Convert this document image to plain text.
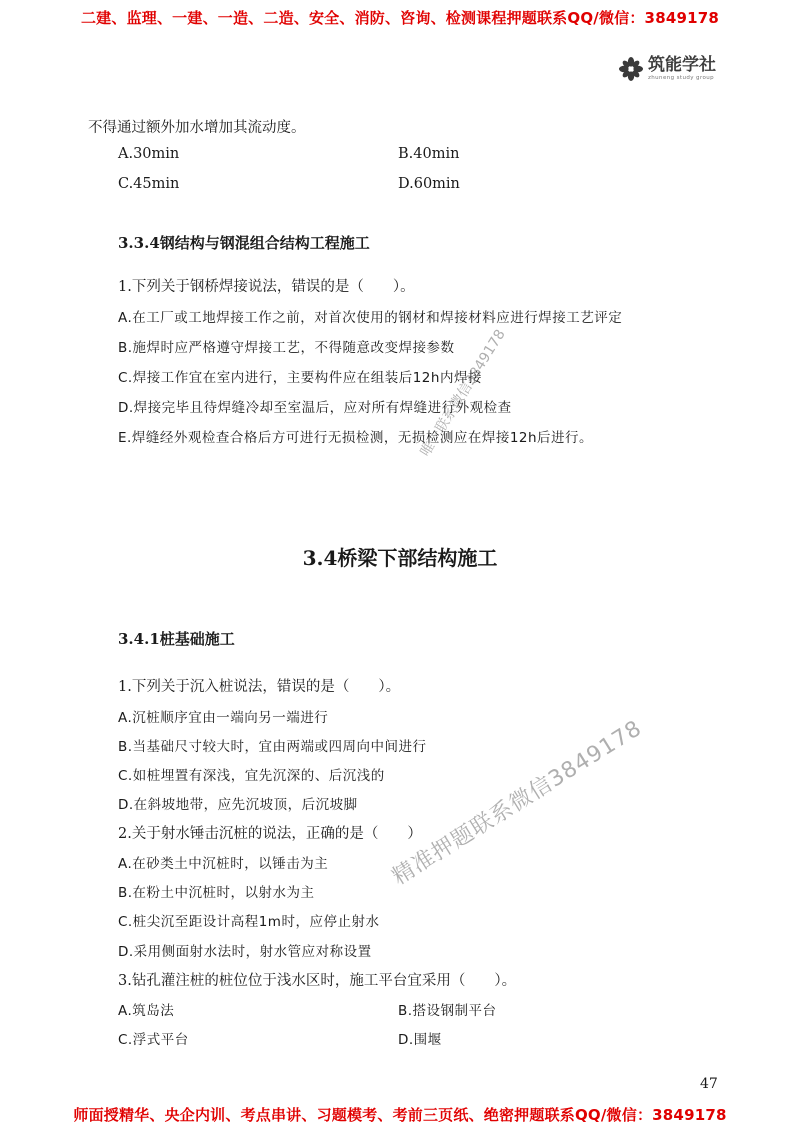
二建、监理、一建、一造、二造、安全、消防、咨询、检测课程押题联系QQ/微信：3849178
筑能学社
zhuneng study group
不得通过额外加水增加其流动度。
A.30min	B.40min
C.45min	D.60min
3.3.4钢结构与钢混组合结构工程施工
1.下列关于钢桥焊接说法，错误的是（　　）。
A.在工厂或工地焊接工作之前，对首次使用的钢材和焊接材料应进行焊接工艺评定
B.施焊时应严格遵守焊接工艺，不得随意改变焊接参数
C.焊接工作宜在室内进行，主要构件应在组装后12h内焊接
D.焊接完毕且待焊缝冷却至室温后，应对所有焊缝进行外观检查
E.焊缝经外观检查合格后方可进行无损检测，无损检测应在焊接12h后进行。
3.4桥梁下部结构施工
3.4.1桩基础施工
1.下列关于沉入桩说法，错误的是（　　）。
A.沉桩顺序宜由一端向另一端进行
B.当基础尺寸较大时，宜由两端或四周向中间进行
C.如桩埋置有深浅，宜先沉深的、后沉浅的
D.在斜坡地带，应先沉坡顶，后沉坡脚
2.关于射水锤击沉桩的说法，正确的是（　　）
A.在砂类土中沉桩时，以锤击为主
B.在粉土中沉桩时，以射水为主
C.桩尖沉至距设计高程1m时，应停止射水
D.采用侧面射水法时，射水管应对称设置
3.钻孔灌注桩的桩位位于浅水区时，施工平台宜采用（　　）。
A.筑岛法	B.搭设钢制平台
C.浮式平台	D.围堰
唯一联系微信3849178
精准押题联系微信3849178
47
师面授精华、央企内训、考点串讲、习题模考、考前三页纸、绝密押题联系QQ/微信：3849178
